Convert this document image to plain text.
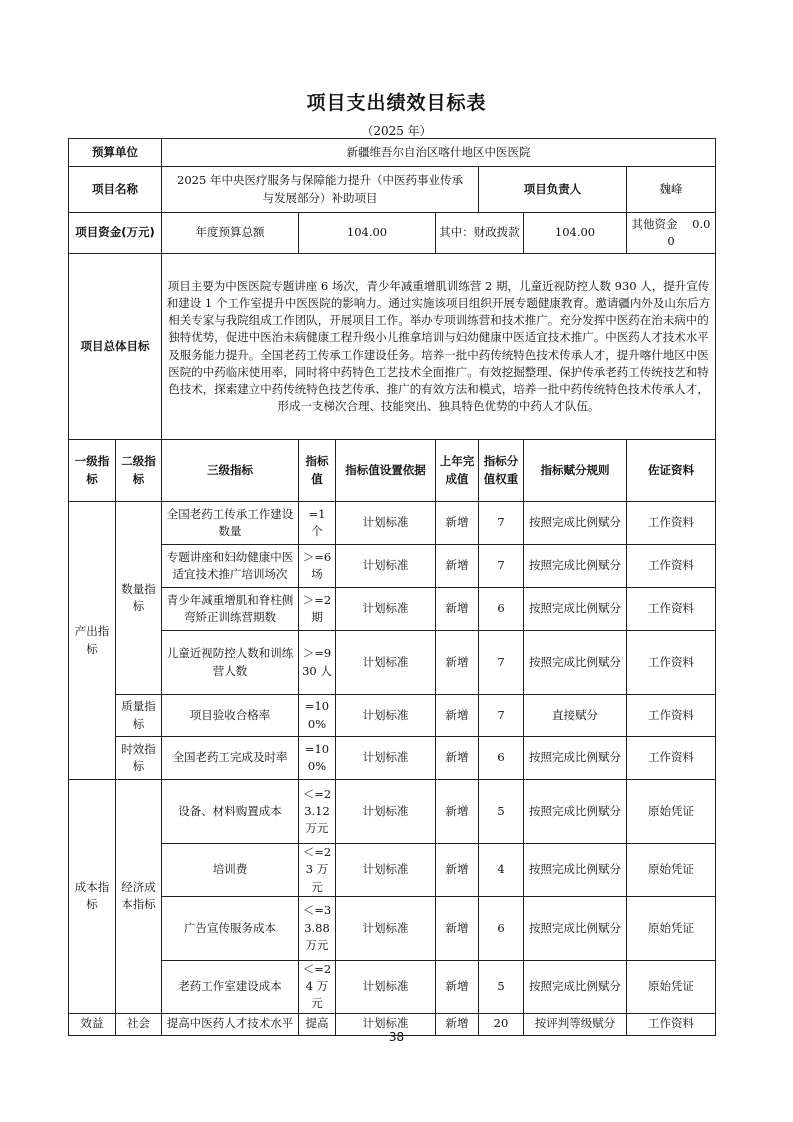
项目支出绩效目标表
（2025 年）
预算单位		新疆维吾尔自治区喀什地区中医医院						
项目名称		2025 年中央医疗服务与保障能力提升（中医药事业传承与发展部分）补助项目				项目负责人		魏峰
项目资金(万元)		年度预算总额	104.00		其中：财政拨款		104.00	其他资金 0.00
项目总体目标		项目主要为中医医院专题讲座 6 场次，青少年减重增肌训练营 2 期，儿童近视防控人数 930 人，提升宣传和建设 1 个工作室提升中医医院的影响力。通过实施该项目组织开展专题健康教育。邀请疆内外及山东后方相关专家与我院组成工作团队，开展项目工作。举办专项训练营和技术推广。充分发挥中医药在治未病中的独特优势，促进中医治未病健康工程升级小儿推拿培训与妇幼健康中医适宜技术推广。中医药人才技术水平及服务能力提升。全国老药工传承工作建设任务。培养一批中药传统特色技术传承人才，提升喀什地区中医医院的中药临床使用率，同时将中药特色工艺技术全面推广。有效挖掘整理、保护传承老药工传统技艺和特色技术，探索建立中药传统特色技艺传承、推广的有效方法和模式，培养一批中药传统特色技术传承人才，形成一支梯次合理、技能突出、独具特色优势的中药人才队伍。						
一级指标	二级指标	三级指标	指标值	指标值设置依据	上年完成值	指标分值权重	指标赋分规则	佐证资料
产出指标	数量指标	全国老药工传承工作建设数量	=1 个	计划标准	新增	7	按照完成比例赋分	工作资料
		专题讲座和妇幼健康中医适宜技术推广培训场次	＞=6 场	计划标准	新增	7	按照完成比例赋分	工作资料
		青少年减重增肌和脊柱侧弯矫正训练营期数	＞=2 期	计划标准	新增	6	按照完成比例赋分	工作资料
		儿童近视防控人数和训练营人数	＞=930 人	计划标准	新增	7	按照完成比例赋分	工作资料
	质量指标	项目验收合格率	=100%	计划标准	新增	7	直接赋分	工作资料
	时效指标	全国老药工完成及时率	=100%	计划标准	新增	6	按照完成比例赋分	工作资料
成本指标	经济成本指标	设备、材料购置成本	＜=23.12 万元	计划标准	新增	5	按照完成比例赋分	原始凭证
		培训费	＜=23 万元	计划标准	新增	4	按照完成比例赋分	原始凭证
		广告宣传服务成本	＜=33.88 万元	计划标准	新增	6	按照完成比例赋分	原始凭证
		老药工作室建设成本	＜=24 万元	计划标准	新增	5	按照完成比例赋分	原始凭证
效益	社会	提高中医药人才技术水平	提高	计划标准	新增	20	按评判等级赋分	工作资料
38
